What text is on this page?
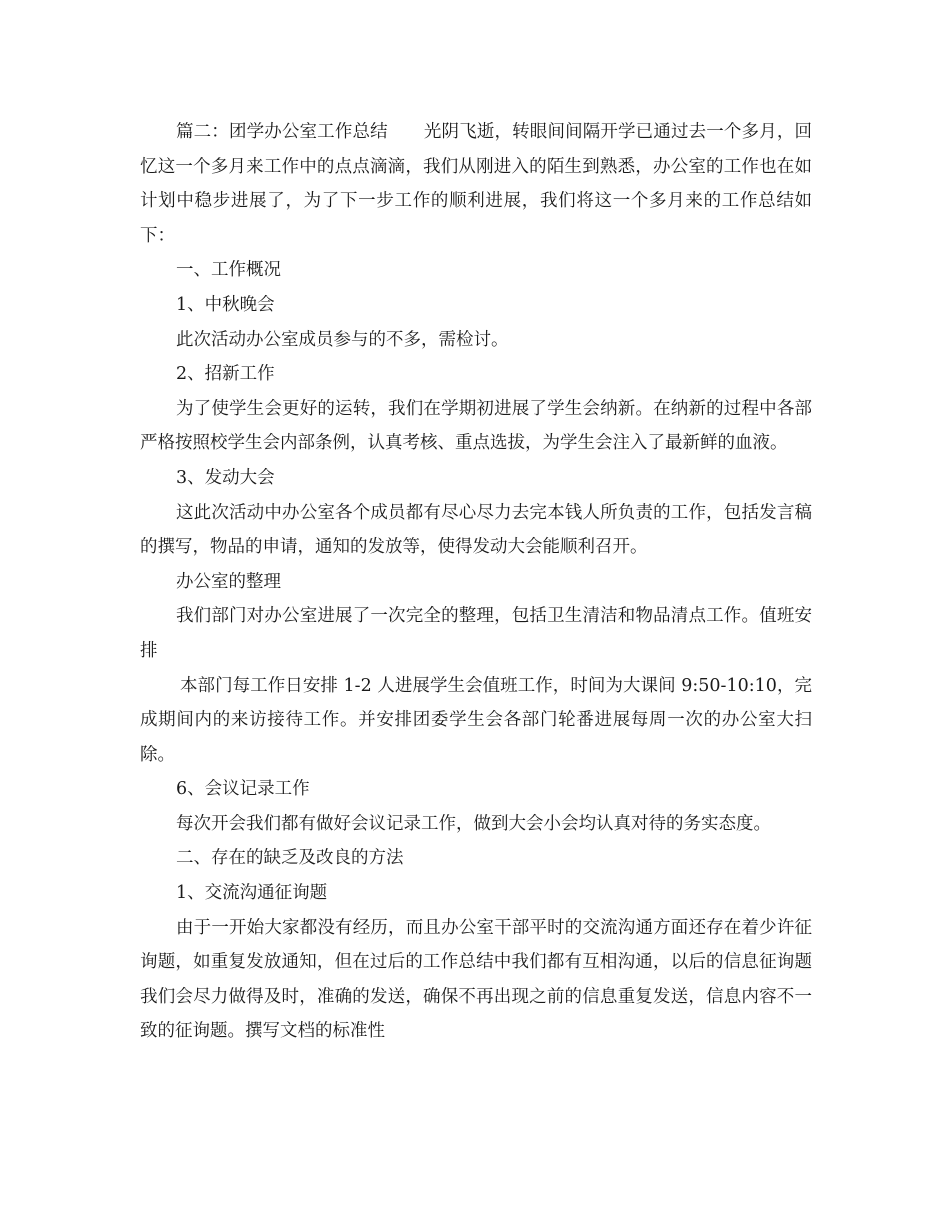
篇二：团学办公室工作总结 光阴飞逝，转眼间间隔开学已通过去一个多月，回忆这一个多月来工作中的点点滴滴，我们从刚进入的陌生到熟悉，办公室的工作也在如计划中稳步进展了，为了下一步工作的顺利进展，我们将这一个多月来的工作总结如下：

一、工作概况

1、中秋晚会

此次活动办公室成员参与的不多，需检讨。

2、招新工作

为了使学生会更好的运转，我们在学期初进展了学生会纳新。在纳新的过程中各部严格按照校学生会内部条例，认真考核、重点选拔，为学生会注入了最新鲜的血液。

3、发动大会

这此次活动中办公室各个成员都有尽心尽力去完本钱人所负责的工作，包括发言稿的撰写，物品的申请，通知的发放等，使得发动大会能顺利召开。

办公室的整理

我们部门对办公室进展了一次完全的整理，包括卫生清洁和物品清点工作。值班安排

本部门每工作日安排 1-2 人进展学生会值班工作，时间为大课间 9:50-10:10，完成期间内的来访接待工作。并安排团委学生会各部门轮番进展每周一次的办公室大扫除。

6、会议记录工作

每次开会我们都有做好会议记录工作，做到大会小会均认真对待的务实态度。

二、存在的缺乏及改良的方法

1、交流沟通征询题

由于一开始大家都没有经历，而且办公室干部平时的交流沟通方面还存在着少许征询题，如重复发放通知，但在过后的工作总结中我们都有互相沟通，以后的信息征询题我们会尽力做得及时，准确的发送，确保不再出现之前的信息重复发送，信息内容不一致的征询题。撰写文档的标准性
